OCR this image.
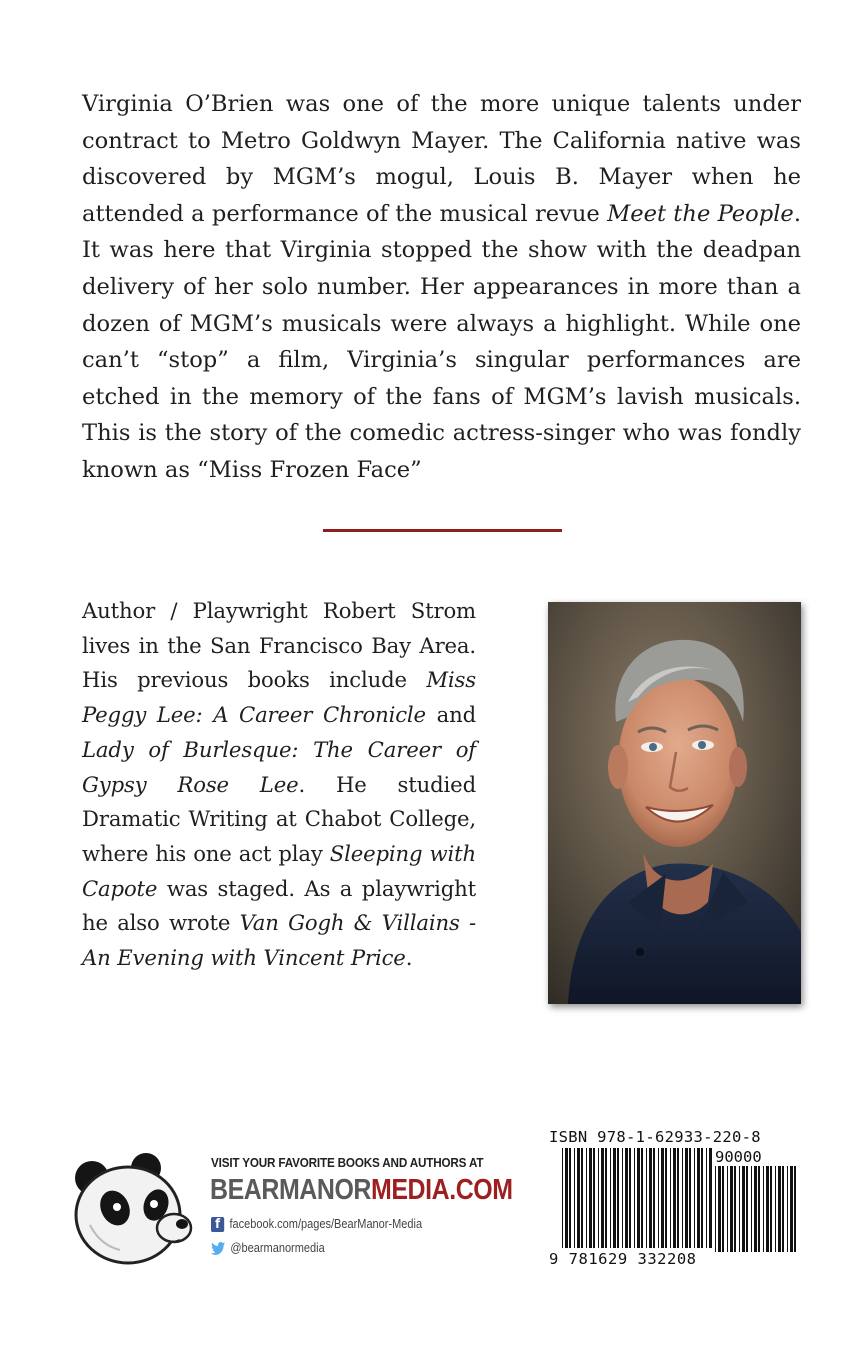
Virginia O’Brien was one of the more unique talents under contract to Metro Goldwyn Mayer. The California native was discovered by MGM’s mogul, Louis B. Mayer when he attended a performance of the musical revue Meet the People. It was here that Virginia stopped the show with the deadpan delivery of her solo number. Her appearances in more than a dozen of MGM’s musicals were always a highlight. While one can’t “stop” a film, Virginia’s singular performances are etched in the memory of the fans of MGM’s lavish musicals. This is the story of the comedic actress-singer who was fondly known as “Miss Frozen Face”

Author / Playwright Robert Strom lives in the San Francisco Bay Area. His previous books include Miss Peggy Lee: A Career Chronicle and Lady of Burlesque: The Career of Gypsy Rose Lee. He studied Dramatic Writing at Chabot College, where his one act play Sleeping with Capote was staged. As a playwright he also wrote Van Gogh & Villains - An Evening with Vincent Price.

VISIT YOUR FAVORITE BOOKS AND AUTHORS AT
BEARMANORMEDIA.COM
f facebook.com/pages/BearManor-Media
@bearmanormedia
ISBN 978-1-62933-220-8
90000
9 781629 332208
